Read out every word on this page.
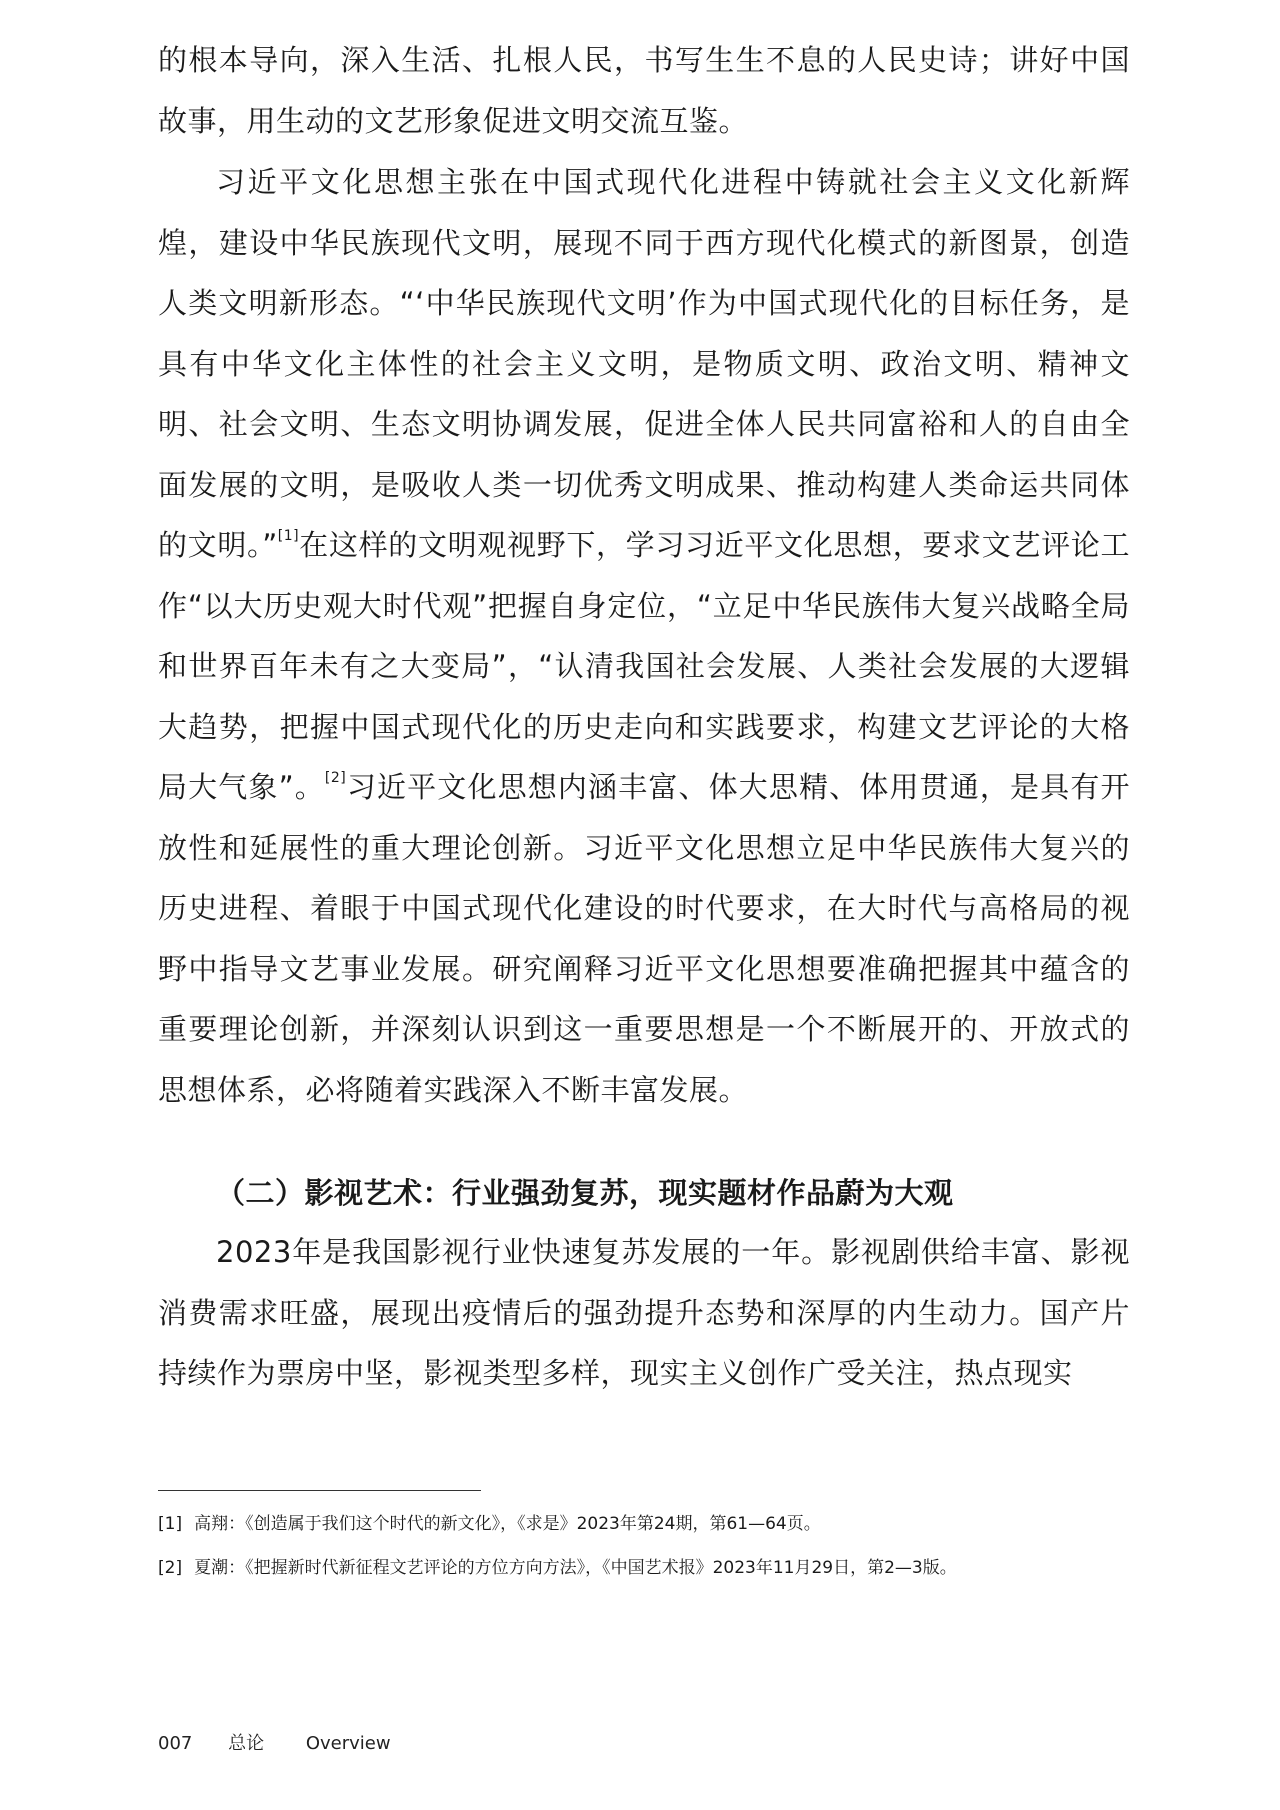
的根本导向，深入生活、扎根人民，书写生生不息的人民史诗；讲好中国故事，用生动的文艺形象促进文明交流互鉴。

习近平文化思想主张在中国式现代化进程中铸就社会主义文化新辉煌，建设中华民族现代文明，展现不同于西方现代化模式的新图景，创造人类文明新形态。“‘中华民族现代文明’作为中国式现代化的目标任务，是具有中华文化主体性的社会主义文明，是物质文明、政治文明、精神文明、社会文明、生态文明协调发展，促进全体人民共同富裕和人的自由全面发展的文明，是吸收人类一切优秀文明成果、推动构建人类命运共同体的文明。”[1]在这样的文明观视野下，学习习近平文化思想，要求文艺评论工作“以大历史观大时代观”把握自身定位，“立足中华民族伟大复兴战略全局和世界百年未有之大变局”，“认清我国社会发展、人类社会发展的大逻辑大趋势，把握中国式现代化的历史走向和实践要求，构建文艺评论的大格局大气象”。[2]习近平文化思想内涵丰富、体大思精、体用贯通，是具有开放性和延展性的重大理论创新。习近平文化思想立足中华民族伟大复兴的历史进程、着眼于中国式现代化建设的时代要求，在大时代与高格局的视野中指导文艺事业发展。研究阐释习近平文化思想要准确把握其中蕴含的重要理论创新，并深刻认识到这一重要思想是一个不断展开的、开放式的思想体系，必将随着实践深入不断丰富发展。

（二）影视艺术：行业强劲复苏，现实题材作品蔚为大观

2023年是我国影视行业快速复苏发展的一年。影视剧供给丰富、影视消费需求旺盛，展现出疫情后的强劲提升态势和深厚的内生动力。国产片持续作为票房中坚，影视类型多样，现实主义创作广受关注，热点现实

[1] 高翔：《创造属于我们这个时代的新文化》，《求是》2023年第24期，第61—64页。
[2] 夏潮：《把握新时代新征程文艺评论的方位方向方法》，《中国艺术报》2023年11月29日，第2—3版。
007 总论 Overview
